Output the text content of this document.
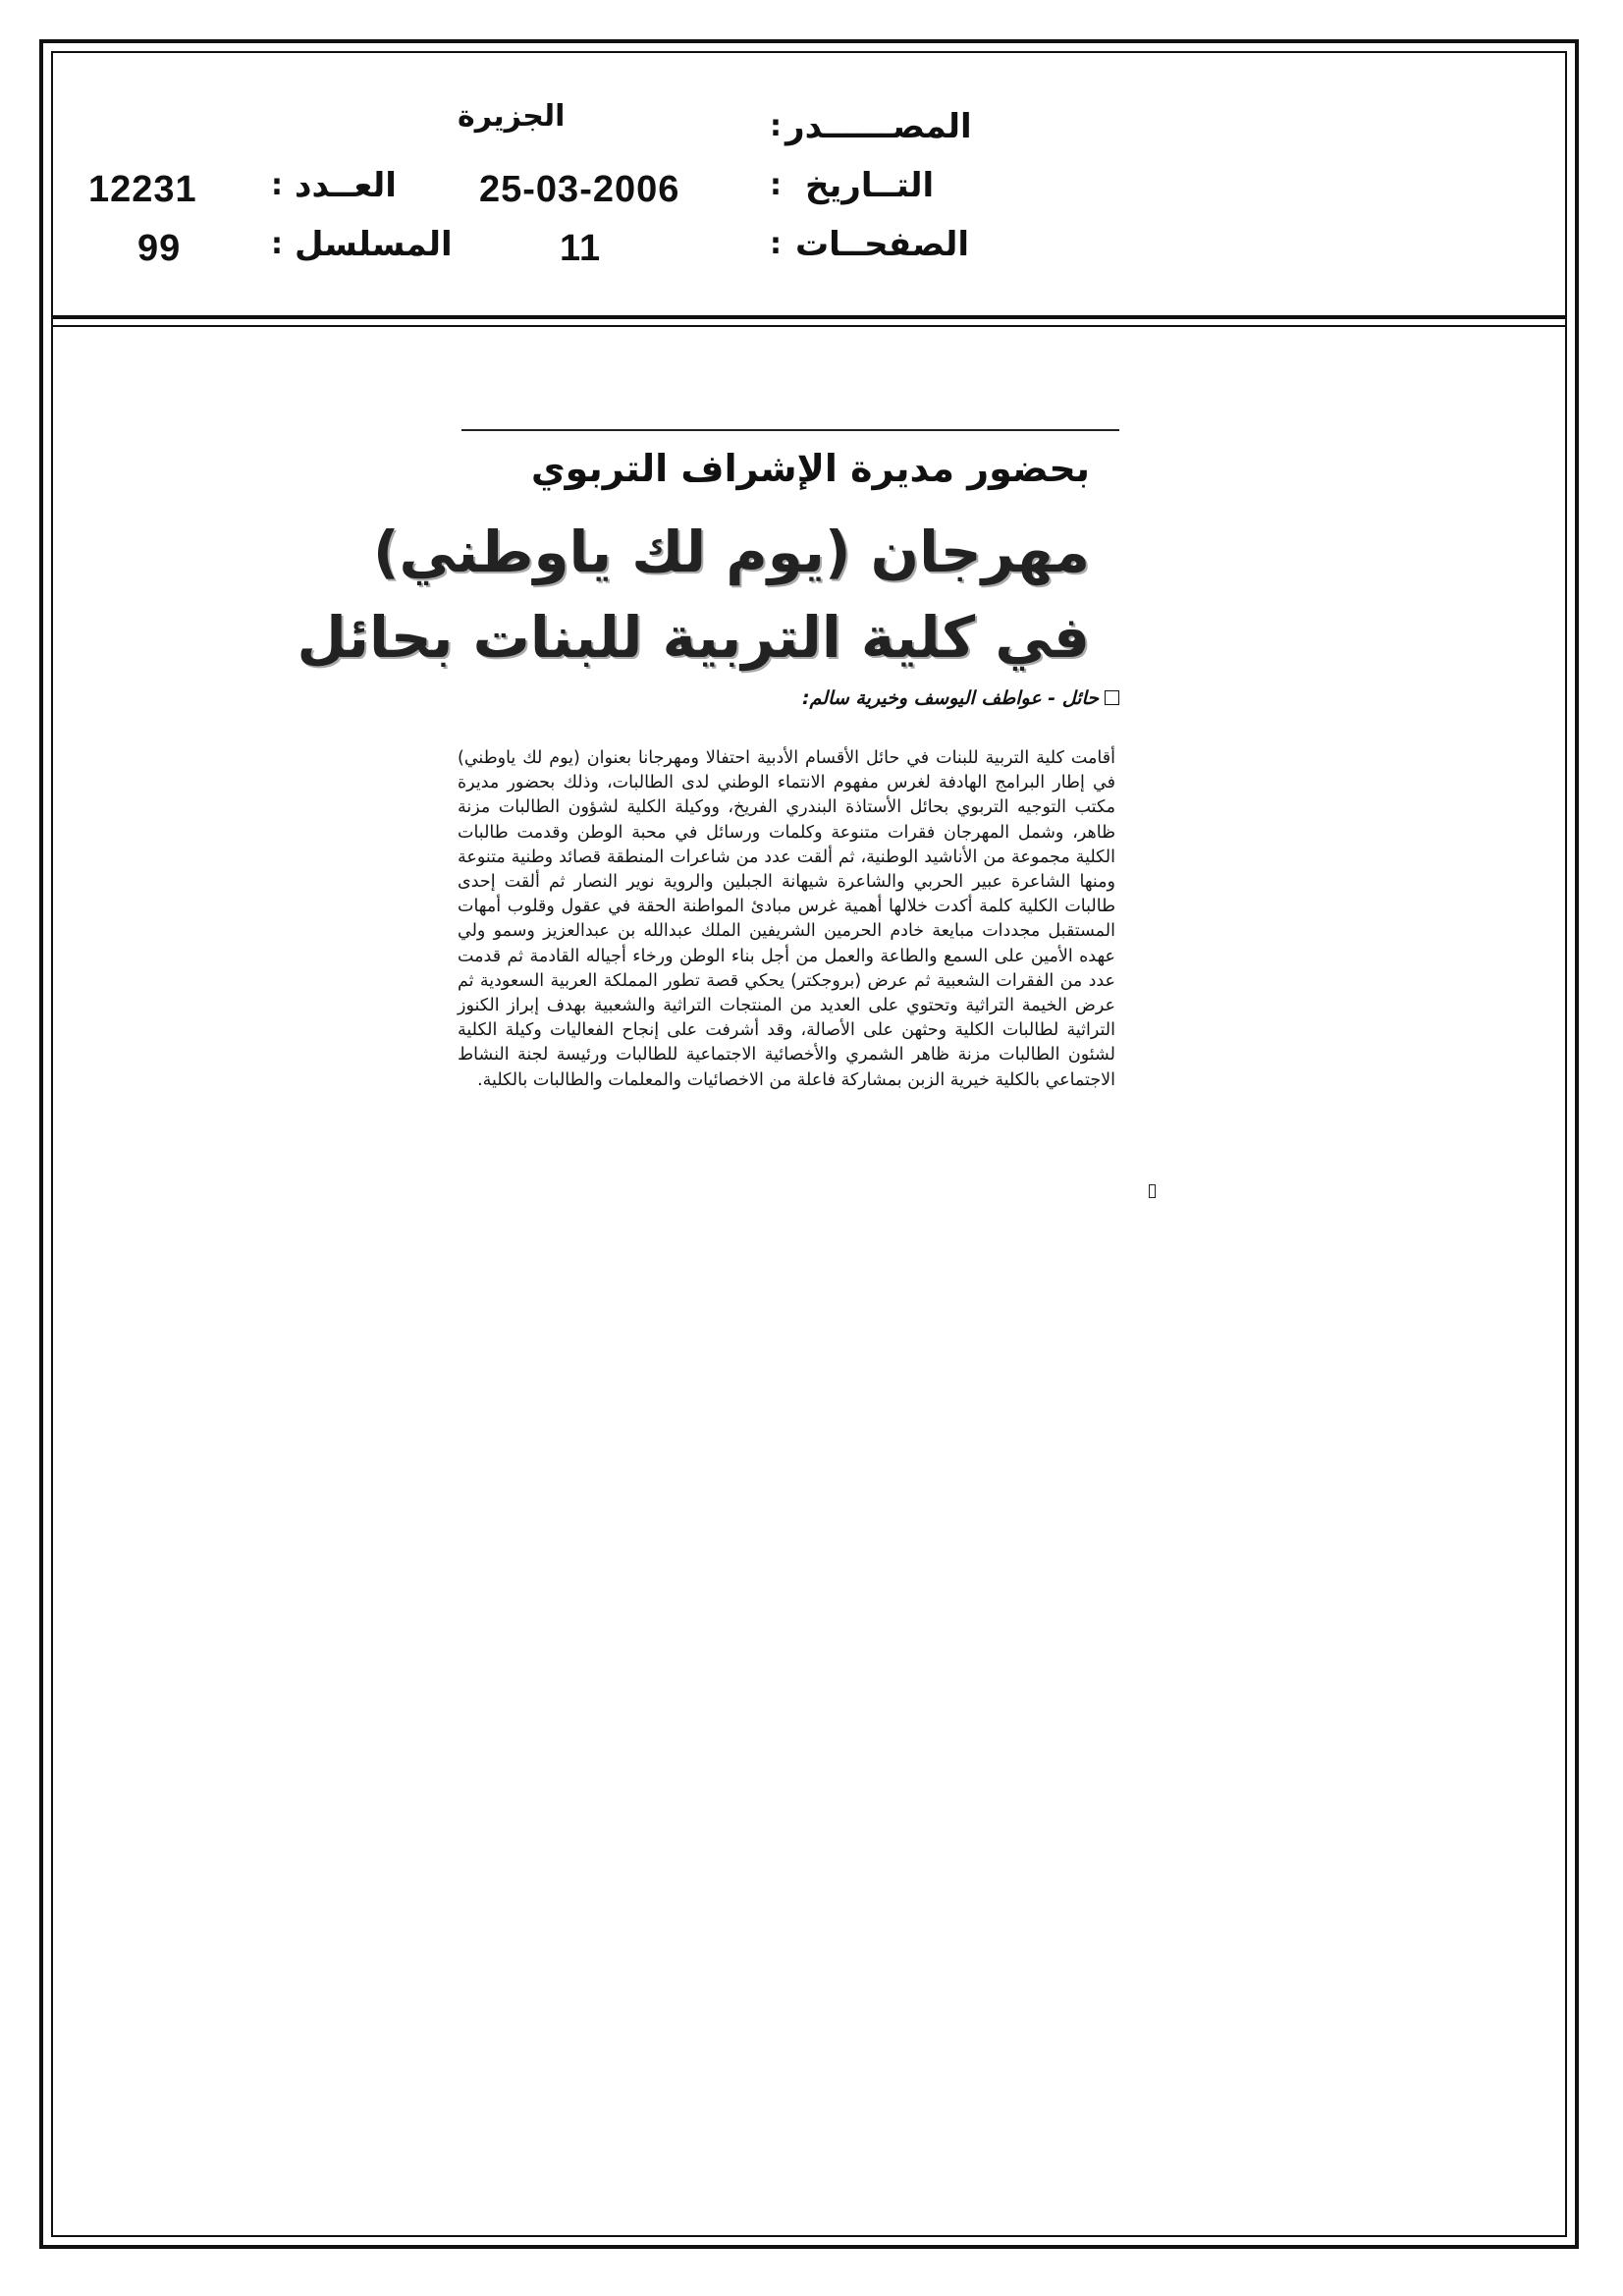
المصــــــدر
:
الجزيرة
التــاريخ
:
25-03-2006
الصفحــات
:
11
العــدد
:
12231
المسلسل
:
99
بحضور مديرة الإشراف التربوي
مهرجان (يوم لك ياوطني)
في كلية التربية للبنات بحائل
حائل - عواطف اليوسف وخيرية سالم:
أقامت كلية التربية للبنات في حائل الأقسام الأدبية احتفالا ومهرجانا بعنوان (يوم لك ياوطني) في إطار البرامج الهادفة لغرس مفهوم الانتماء الوطني لدى الطالبات، وذلك بحضور مديرة مكتب التوجيه التربوي بحائل الأستاذة البندري الفريخ، ووكيلة الكلية لشؤون الطالبات مزنة ظاهر، وشمل المهرجان فقرات متنوعة وكلمات ورسائل في محبة الوطن وقدمت طالبات الكلية مجموعة من الأناشيد الوطنية، ثم ألقت عدد من شاعرات المنطقة قصائد وطنية متنوعة ومنها الشاعرة عبير الحربي والشاعرة شيهانة الجبلين والروية نوير النصار ثم ألقت إحدى طالبات الكلية كلمة أكدت خلالها أهمية غرس مبادئ المواطنة الحقة في عقول وقلوب أمهات المستقبل مجددات مبايعة خادم الحرمين الشريفين الملك عبدالله بن عبدالعزيز وسمو ولي عهده الأمين على السمع والطاعة والعمل من أجل بناء الوطن ورخاء أجياله القادمة ثم قدمت عدد من الفقرات الشعبية ثم عرض (بروجكتر) يحكي قصة تطور المملكة العربية السعودية ثم عرض الخيمة التراثية وتحتوي على العديد من المنتجات التراثية والشعبية بهدف إبراز الكنوز التراثية لطالبات الكلية وحثهن على الأصالة، وقد أشرفت على إنجاح الفعاليات وكيلة الكلية لشئون الطالبات مزنة ظاهر الشمري والأخصائية الاجتماعية للطالبات ورئيسة لجنة النشاط الاجتماعي بالكلية خيرية الزبن بمشاركة فاعلة من الاخصائيات والمعلمات والطالبات بالكلية.
